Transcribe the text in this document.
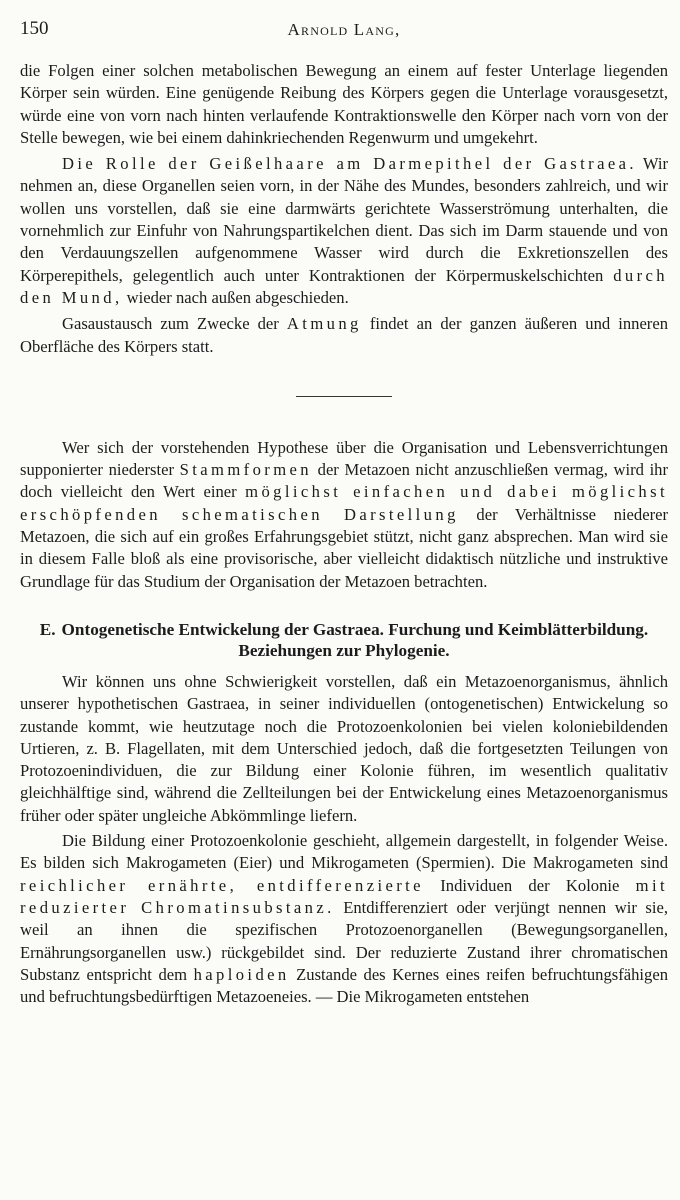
150	Arnold Lang,

die Folgen einer solchen metabolischen Bewegung an einem auf fester Unterlage liegenden Körper sein würden. Eine genügende Reibung des Körpers gegen die Unterlage vorausgesetzt, würde eine von vorn nach hinten verlaufende Kontraktionswelle den Körper nach vorn von der Stelle bewegen, wie bei einem dahinkriechenden Regenwurm und umgekehrt.

Die Rolle der Geißelhaare am Darmepithel der Gastraea. Wir nehmen an, diese Organellen seien vorn, in der Nähe des Mundes, besonders zahlreich, und wir wollen uns vorstellen, daß sie eine darmwärts gerichtete Wasserströmung unterhalten, die vornehmlich zur Einfuhr von Nahrungspartikelchen dient. Das sich im Darm stauende und von den Verdauungszellen aufgenommene Wasser wird durch die Exkretionszellen des Körperepithels, gelegentlich auch unter Kontraktionen der Körpermuskelschichten durch den Mund, wieder nach außen abgeschieden.

Gasaustausch zum Zwecke der Atmung findet an der ganzen äußeren und inneren Oberfläche des Körpers statt.

Wer sich der vorstehenden Hypothese über die Organisation und Lebensverrichtungen supponierter niederster Stammformen der Metazoen nicht anzuschließen vermag, wird ihr doch vielleicht den Wert einer möglichst einfachen und dabei möglichst erschöpfenden schematischen Darstellung der Verhältnisse niederer Metazoen, die sich auf ein großes Erfahrungsgebiet stützt, nicht ganz absprechen. Man wird sie in diesem Falle bloß als eine provisorische, aber vielleicht didaktisch nützliche und instruktive Grundlage für das Studium der Organisation der Metazoen betrachten.

E. Ontogenetische Entwickelung der Gastraea. Furchung und Keimblätterbildung. Beziehungen zur Phylogenie.

Wir können uns ohne Schwierigkeit vorstellen, daß ein Metazoenorganismus, ähnlich unserer hypothetischen Gastraea, in seiner individuellen (ontogenetischen) Entwickelung so zustande kommt, wie heutzutage noch die Protozoenkolonien bei vielen koloniebildenden Urtieren, z. B. Flagellaten, mit dem Unterschied jedoch, daß die fortgesetzten Teilungen von Protozoenindividuen, die zur Bildung einer Kolonie führen, im wesentlich qualitativ gleichhälftige sind, während die Zellteilungen bei der Entwickelung eines Metazoenorganismus früher oder später ungleiche Abkömmlinge liefern.

Die Bildung einer Protozoenkolonie geschieht, allgemein dargestellt, in folgender Weise. Es bilden sich Makrogameten (Eier) und Mikrogameten (Spermien). Die Makrogameten sind reichlicher ernährte, entdifferenzierte Individuen der Kolonie mit reduzierter Chromatinsubstanz. Entdifferenziert oder verjüngt nennen wir sie, weil an ihnen die spezifischen Protozoenorganellen (Bewegungsorganellen, Ernährungsorganellen usw.) rückgebildet sind. Der reduzierte Zustand ihrer chromatischen Substanz entspricht dem haploiden Zustande des Kernes eines reifen befruchtungsfähigen und befruchtungsbedürftigen Metazoeneies. — Die Mikrogameten entstehen
